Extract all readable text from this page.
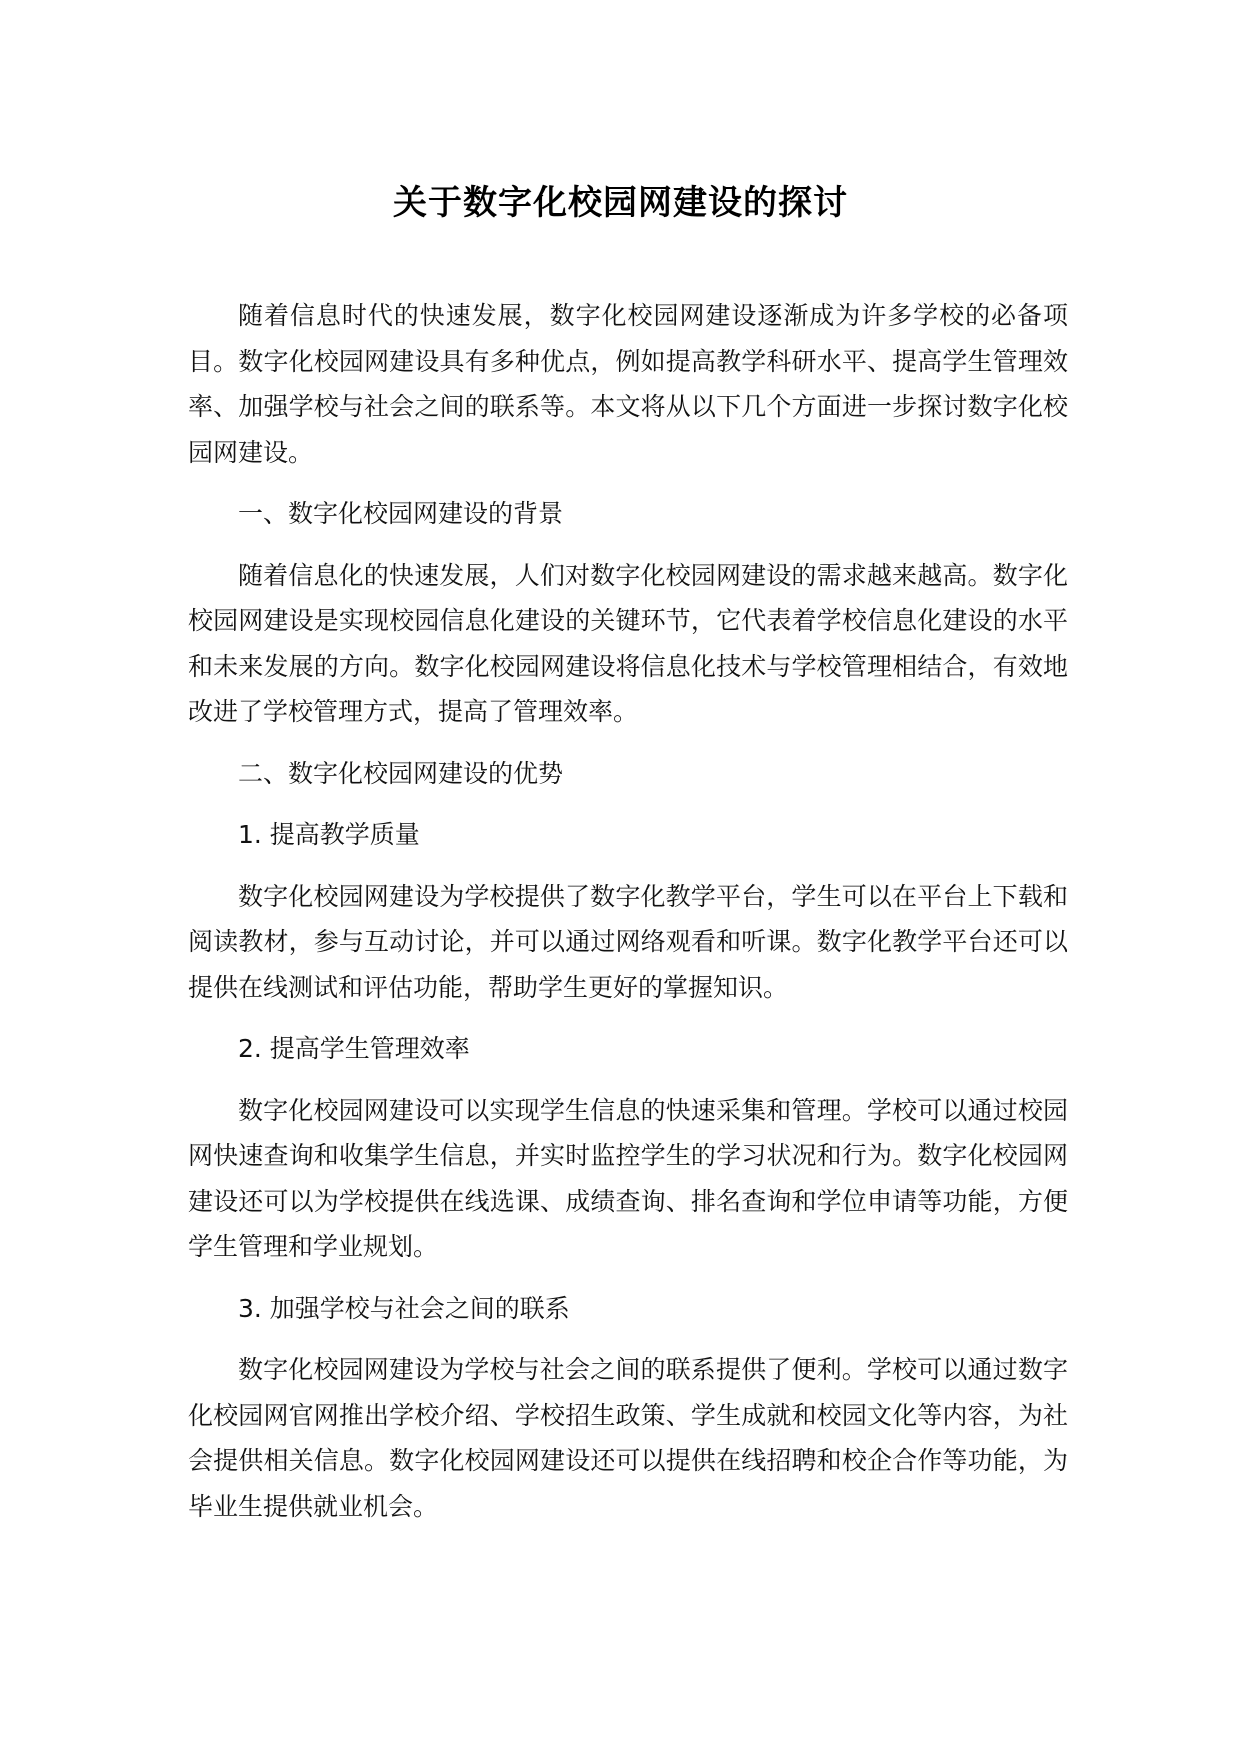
关于数字化校园网建设的探讨

随着信息时代的快速发展，数字化校园网建设逐渐成为许多学校的必备项目。数字化校园网建设具有多种优点，例如提高教学科研水平、提高学生管理效率、加强学校与社会之间的联系等。本文将从以下几个方面进一步探讨数字化校园网建设。

一、数字化校园网建设的背景

随着信息化的快速发展，人们对数字化校园网建设的需求越来越高。数字化校园网建设是实现校园信息化建设的关键环节，它代表着学校信息化建设的水平和未来发展的方向。数字化校园网建设将信息化技术与学校管理相结合，有效地改进了学校管理方式，提高了管理效率。

二、数字化校园网建设的优势

1. 提高教学质量

数字化校园网建设为学校提供了数字化教学平台，学生可以在平台上下载和阅读教材，参与互动讨论，并可以通过网络观看和听课。数字化教学平台还可以提供在线测试和评估功能，帮助学生更好的掌握知识。

2. 提高学生管理效率

数字化校园网建设可以实现学生信息的快速采集和管理。学校可以通过校园网快速查询和收集学生信息，并实时监控学生的学习状况和行为。数字化校园网建设还可以为学校提供在线选课、成绩查询、排名查询和学位申请等功能，方便学生管理和学业规划。

3. 加强学校与社会之间的联系

数字化校园网建设为学校与社会之间的联系提供了便利。学校可以通过数字化校园网官网推出学校介绍、学校招生政策、学生成就和校园文化等内容，为社会提供相关信息。数字化校园网建设还可以提供在线招聘和校企合作等功能，为毕业生提供就业机会。
